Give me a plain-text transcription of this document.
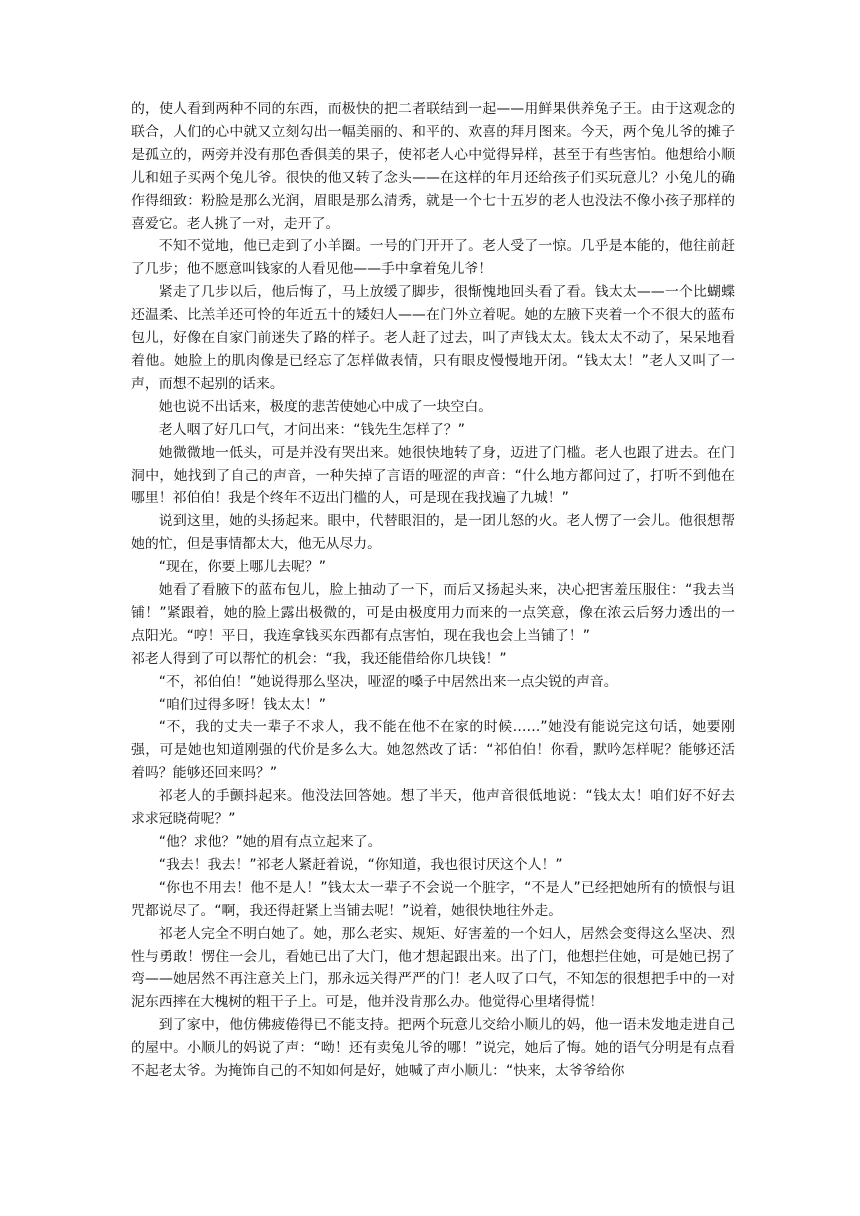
的，使人看到两种不同的东西，而极快的把二者联结到一起——用鲜果供养兔子王。由于这观念的联合，人们的心中就又立刻勾出一幅美丽的、和平的、欢喜的拜月图来。今天，两个兔儿爷的摊子是孤立的，两旁并没有那色香俱美的果子，使祁老人心中觉得异样，甚至于有些害怕。他想给小顺儿和妞子买两个兔儿爷。很快的他又转了念头——在这样的年月还给孩子们买玩意儿？小兔儿的确作得细致：粉脸是那么光润，眉眼是那么清秀，就是一个七十五岁的老人也没法不像小孩子那样的喜爱它。老人挑了一对，走开了。

不知不觉地，他已走到了小羊圈。一号的门开开了。老人受了一惊。几乎是本能的，他往前赶了几步；他不愿意叫钱家的人看见他——手中拿着兔儿爷！

紧走了几步以后，他后悔了，马上放缓了脚步，很惭愧地回头看了看。钱太太——一个比蝴蝶还温柔、比羔羊还可怜的年近五十的矮妇人——在门外立着呢。她的左腋下夹着一个不很大的蓝布包儿，好像在自家门前迷失了路的样子。老人赶了过去，叫了声钱太太。钱太太不动了，呆呆地看着他。她脸上的肌肉像是已经忘了怎样做表情，只有眼皮慢慢地开闭。“钱太太！”老人又叫了一声，而想不起别的话来。

她也说不出话来，极度的悲苦使她心中成了一块空白。

老人咽了好几口气，才问出来：“钱先生怎样了？”

她微微地一低头，可是并没有哭出来。她很快地转了身，迈进了门槛。老人也跟了进去。在门洞中，她找到了自己的声音，一种失掉了言语的哑涩的声音：“什么地方都问过了，打听不到他在哪里！祁伯伯！我是个终年不迈出门槛的人，可是现在我找遍了九城！”

说到这里，她的头扬起来。眼中，代替眼泪的，是一团儿怒的火。老人愣了一会儿。他很想帮她的忙，但是事情都太大，他无从尽力。

“现在，你要上哪儿去呢？”

她看了看腋下的蓝布包儿，脸上抽动了一下，而后又扬起头来，决心把害羞压服住：“我去当铺！”紧跟着，她的脸上露出极微的，可是由极度用力而来的一点笑意，像在浓云后努力透出的一点阳光。“哼！平日，我连拿钱买东西都有点害怕，现在我也会上当铺了！”

祁老人得到了可以帮忙的机会：“我，我还能借给你几块钱！”

“不，祁伯伯！”她说得那么坚决，哑涩的嗓子中居然出来一点尖锐的声音。

“咱们过得多呀！钱太太！”

“不，我的丈夫一辈子不求人，我不能在他不在家的时候……”她没有能说完这句话，她要刚强，可是她也知道刚强的代价是多么大。她忽然改了话：“祁伯伯！你看，默吟怎样呢？能够还活着吗？能够还回来吗？”

祁老人的手颤抖起来。他没法回答她。想了半天，他声音很低地说：“钱太太！咱们好不好去求求冠晓荷呢？”

“他？求他？”她的眉有点立起来了。

“我去！我去！”祁老人紧赶着说，“你知道，我也很讨厌这个人！”

“你也不用去！他不是人！”钱太太一辈子不会说一个脏字，“不是人”已经把她所有的愤恨与诅咒都说尽了。“啊，我还得赶紧上当铺去呢！”说着，她很快地往外走。

祁老人完全不明白她了。她，那么老实、规矩、好害羞的一个妇人，居然会变得这么坚决、烈性与勇敢！愣住一会儿，看她已出了大门，他才想起跟出来。出了门，他想拦住她，可是她已拐了弯——她居然不再注意关上门，那永远关得严严的门！老人叹了口气，不知怎的很想把手中的一对泥东西摔在大槐树的粗干子上。可是，他并没肯那么办。他觉得心里堵得慌！

到了家中，他仿佛疲倦得已不能支持。把两个玩意儿交给小顺儿的妈，他一语未发地走进自己的屋中。小顺儿的妈说了声：“呦！还有卖兔儿爷的哪！”说完，她后了悔。她的语气分明是有点看不起老太爷。为掩饰自己的不知如何是好，她喊了声小顺儿：“快来，太爷爷给你
